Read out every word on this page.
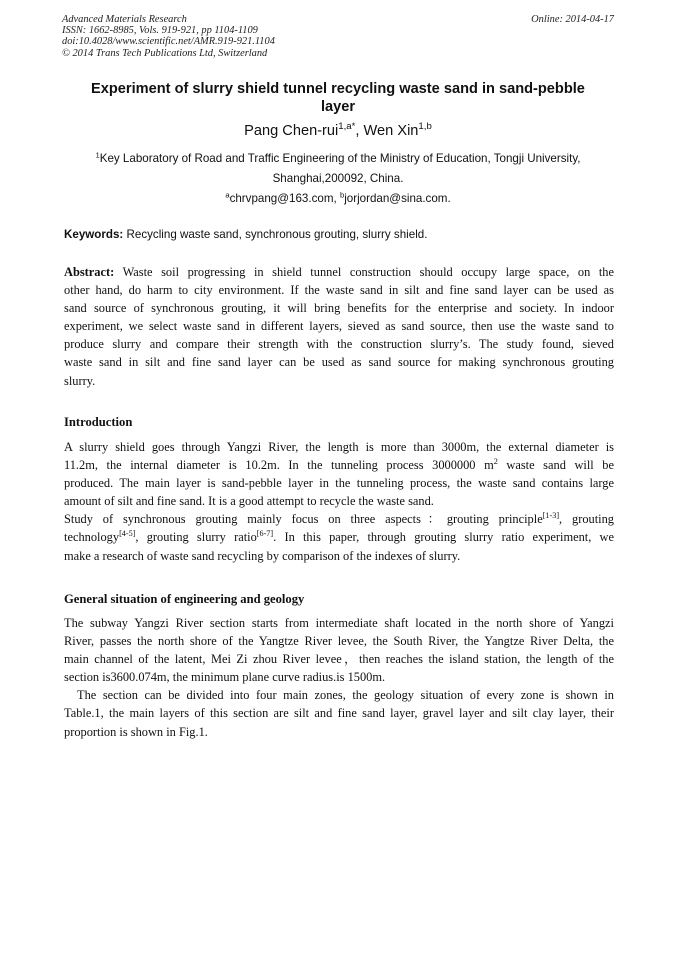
Advanced Materials Research
ISSN: 1662-8985, Vols. 919-921, pp 1104-1109
doi:10.4028/www.scientific.net/AMR.919-921.1104
© 2014 Trans Tech Publications Ltd, Switzerland
Online: 2014-04-17
Experiment of slurry shield tunnel recycling waste sand in sand-pebble
layer
Pang Chen-rui$^{1,a*}$, Wen Xin$^{1,b}$
$^1$Key Laboratory of Road and Traffic Engineering of the Ministry of Education, Tongji University,
Shanghai,200092, China.
$^a$chrvpang@163.com, $^b$jorjordan@sina.com.
Keywords: Recycling waste sand, synchronous grouting, slurry shield.
Abstract: Waste soil progressing in shield tunnel construction should occupy large space, on the
other hand, do harm to city environment. If the waste sand in silt and fine sand layer can be used as
sand source of synchronous grouting, it will bring benefits for the enterprise and society. In indoor
experiment, we select waste sand in different layers, sieved as sand source, then use the waste sand to
produce slurry and compare their strength with the construction slurry’s. The study found, sieved
waste sand in silt and fine sand layer can be used as sand source for making synchronous grouting
slurry.
Introduction
A slurry shield goes through Yangzi River, the length is more than 3000m, the external diameter is
11.2m, the internal diameter is 10.2m. In the tunneling process 3000000 $m^2$ waste sand will be
produced. The main layer is sand-pebble layer in the tunneling process, the waste sand contains large
amount of silt and fine sand. It is a good attempt to recycle the waste sand.
Study of synchronous grouting mainly focus on three aspects：grouting principle[1-3], grouting
technology[4-5], grouting slurry ratio[6-7]. In this paper, through grouting slurry ratio experiment, we
make a research of waste sand recycling by comparison of the indexes of slurry.
General situation of engineering and geology
The subway Yangzi River section starts from intermediate shaft located in the north shore of Yangzi
River, passes the north shore of the Yangtze River levee, the South River, the Yangtze River Delta, the
main channel of the latent, Mei Zi zhou River levee，then reaches the island station, the length of the
section is3600.074m, the minimum plane curve radius.is 1500m.
The section can be divided into four main zones, the geology situation of every zone is shown in
Table.1, the main layers of this section are silt and fine sand layer, gravel layer and silt clay layer, their
proportion is shown in Fig.1.
